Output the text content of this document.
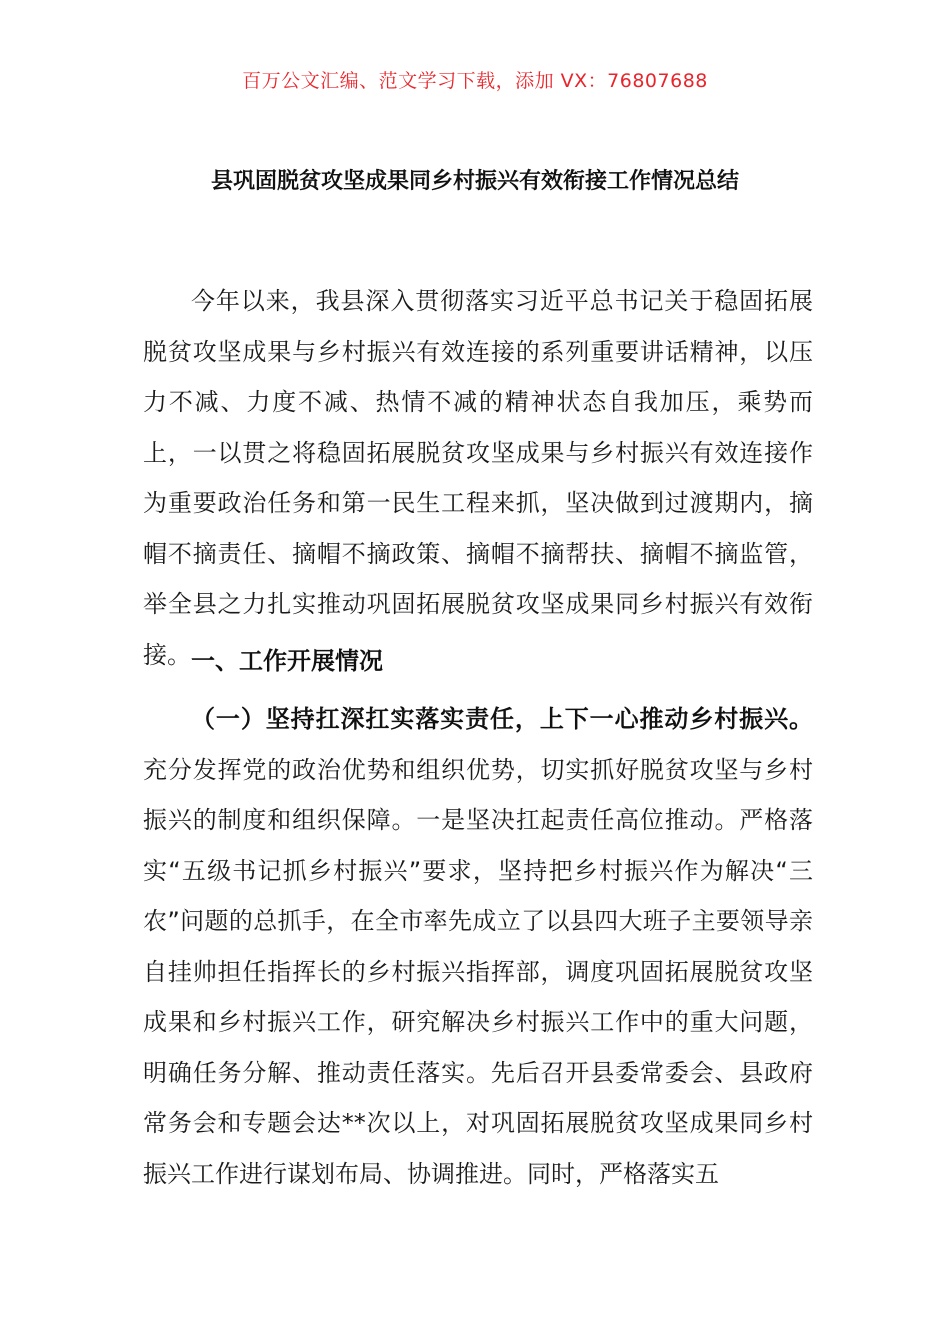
百万公文汇编、范文学习下载，添加 VX：76807688
县巩固脱贫攻坚成果同乡村振兴有效衔接工作情况总结
今年以来，我县深入贯彻落实习近平总书记关于稳固拓展脱贫攻坚成果与乡村振兴有效连接的系列重要讲话精神，以压力不减、力度不减、热情不减的精神状态自我加压，乘势而上，一以贯之将稳固拓展脱贫攻坚成果与乡村振兴有效连接作为重要政治任务和第一民生工程来抓，坚决做到过渡期内，摘帽不摘责任、摘帽不摘政策、摘帽不摘帮扶、摘帽不摘监管，举全县之力扎实推动巩固拓展脱贫攻坚成果同乡村振兴有效衔接。 一、工作开展情况
（一）坚持扛深扛实落实责任，上下一心推动乡村振兴。充分发挥党的政治优势和组织优势，切实抓好脱贫攻坚与乡村振兴的制度和组织保障。一是坚决扛起责任高位推动。严格落实“五级书记抓乡村振兴”要求，坚持把乡村振兴作为解决“三农”问题的总抓手，在全市率先成立了以县四大班子主要领导亲自挂帅担任指挥长的乡村振兴指挥部，调度巩固拓展脱贫攻坚成果和乡村振兴工作，研究解决乡村振兴工作中的重大问题，明确任务分解、推动责任落实。先后召开县委常委会、县政府常务会和专题会达**次以上，对巩固拓展脱贫攻坚成果同乡村振兴工作进行谋划布局、协调推进。同时，严格落实五
